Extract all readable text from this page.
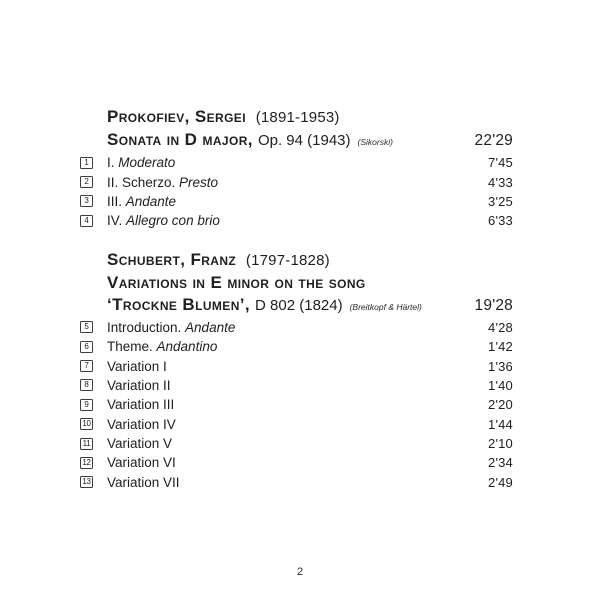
Prokofiev, Sergei (1891-1953)
Sonata in D major, Op. 94 (1943) (Sikorski)	22'29
1	I. Moderato	7'45
2	II. Scherzo. Presto	4'33
3	III. Andante	3'25
4	IV. Allegro con brio	6'33
Schubert, Franz (1797-1828)
Variations in E minor on the song
‘Trockne Blumen’, D 802 (1824) (Breitkopf & Härtel)	19'28
5	Introduction. Andante	4'28
6	Theme. Andantino	1'42
7	Variation I	1'36
8	Variation II	1'40
9	Variation III	2'20
10 Variation IV	1'44
11 Variation V	2'10
12 Variation VI	2'34
13 Variation VII	2'49
2
